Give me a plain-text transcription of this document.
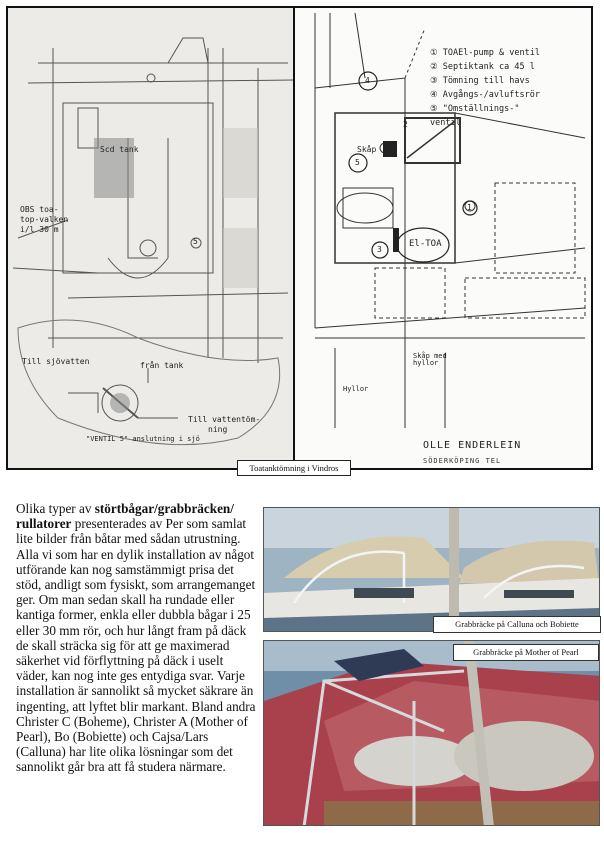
Scd tank
OBS toa-
top-valken
i/l 30 m
5
Till sjövatten	från tank
Till vattentöm-
ning
"VENTIL 5" anslutning i sjö
① TOAEl-pump & ventil
② Septiktank ca 45 l
③ Tömning till havs
④ Avgångs-/avluftsrör
⑤ "Omställnings-"
ventil
4
5
1
3
2
Skåp
El-TOA
Skåp med hyllor
Hyllor
OLLE ENDERLEIN
SÖDERKÖPING TEL
Toatanktömning i Vindros
Olika typer av störtbågar/grabbräcken/ rullatorer presenterades av Per som samlat lite bilder från båtar med sådan utrustning. Alla vi som har en dylik installation av något utförande kan nog samstämmigt prisa det stöd, andligt som fysiskt, som arrangemanget ger. Om man sedan skall ha rundade eller kantiga former, enkla eller dubbla bågar i 25 eller 30 mm rör, och hur långt fram på däck de skall sträcka sig för att ge maximerad säkerhet vid förflyttning på däck i uselt väder, kan nog inte ges entydiga svar. Varje installation är sannolikt så mycket säkrare än ingenting, att lyftet blir markant. Bland andra Christer C (Boheme), Christer A (Mother of Pearl), Bo (Bobiette) och Cajsa/Lars (Calluna) har lite olika lösningar som det sannolikt går bra att få studera närmare.
Grabbräcke på Calluna och Bobiette
Grabbräcke på Mother of Pearl
